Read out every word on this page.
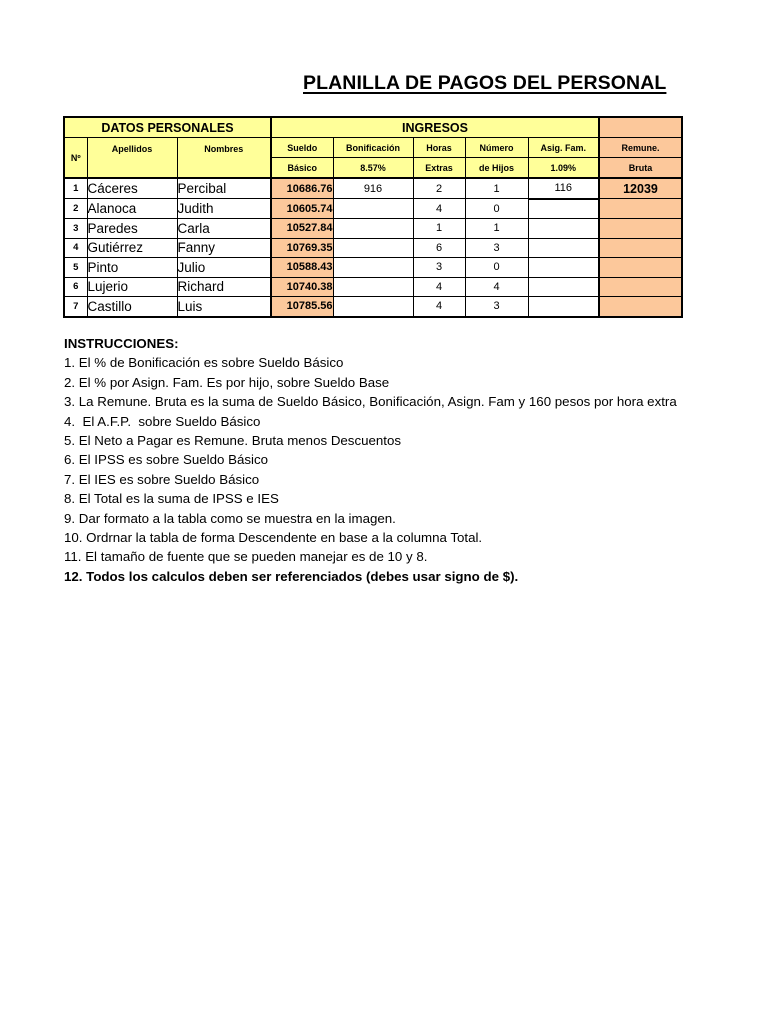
PLANILLA DE PAGOS DEL PERSONAL
DATOS PERSONALES			INGRESOS					
Nº	Apellidos	Nombres	Sueldo	Bonificación	Horas	Número	Asig. Fam.	Remune.
			Básico	8.57%	Extras	de Hijos	1.09%	Bruta
1	Cáceres	Percibal	10686.76	916	2	1	116	12039
2	Alanoca	Judith	10605.74		4	0		
3	Paredes	Carla	10527.84		1	1		
4	Gutiérrez	Fanny	10769.35		6	3		
5	Pinto	Julio	10588.43		3	0		
6	Lujerio	Richard	10740.38		4	4		
7	Castillo	Luis	10785.56		4	3		
INSTRUCCIONES:
1. El % de Bonificación es sobre Sueldo Básico
2. El % por Asign. Fam. Es por hijo, sobre Sueldo Base
3. La Remune. Bruta es la suma de Sueldo Básico, Bonificación, Asign. Fam y 160 pesos por hora extra
4.  El A.F.P.  sobre Sueldo Básico
5. El Neto a Pagar es Remune. Bruta menos Descuentos
6. El IPSS es sobre Sueldo Básico
7. El IES es sobre Sueldo Básico
8. El Total es la suma de IPSS e IES
9. Dar formato a la tabla como se muestra en la imagen.
10. Ordrnar la tabla de forma Descendente en base a la columna Total.
11. El tamaño de fuente que se pueden manejar es de 10 y 8.
12. Todos los calculos deben ser referenciados (debes usar signo de $).
